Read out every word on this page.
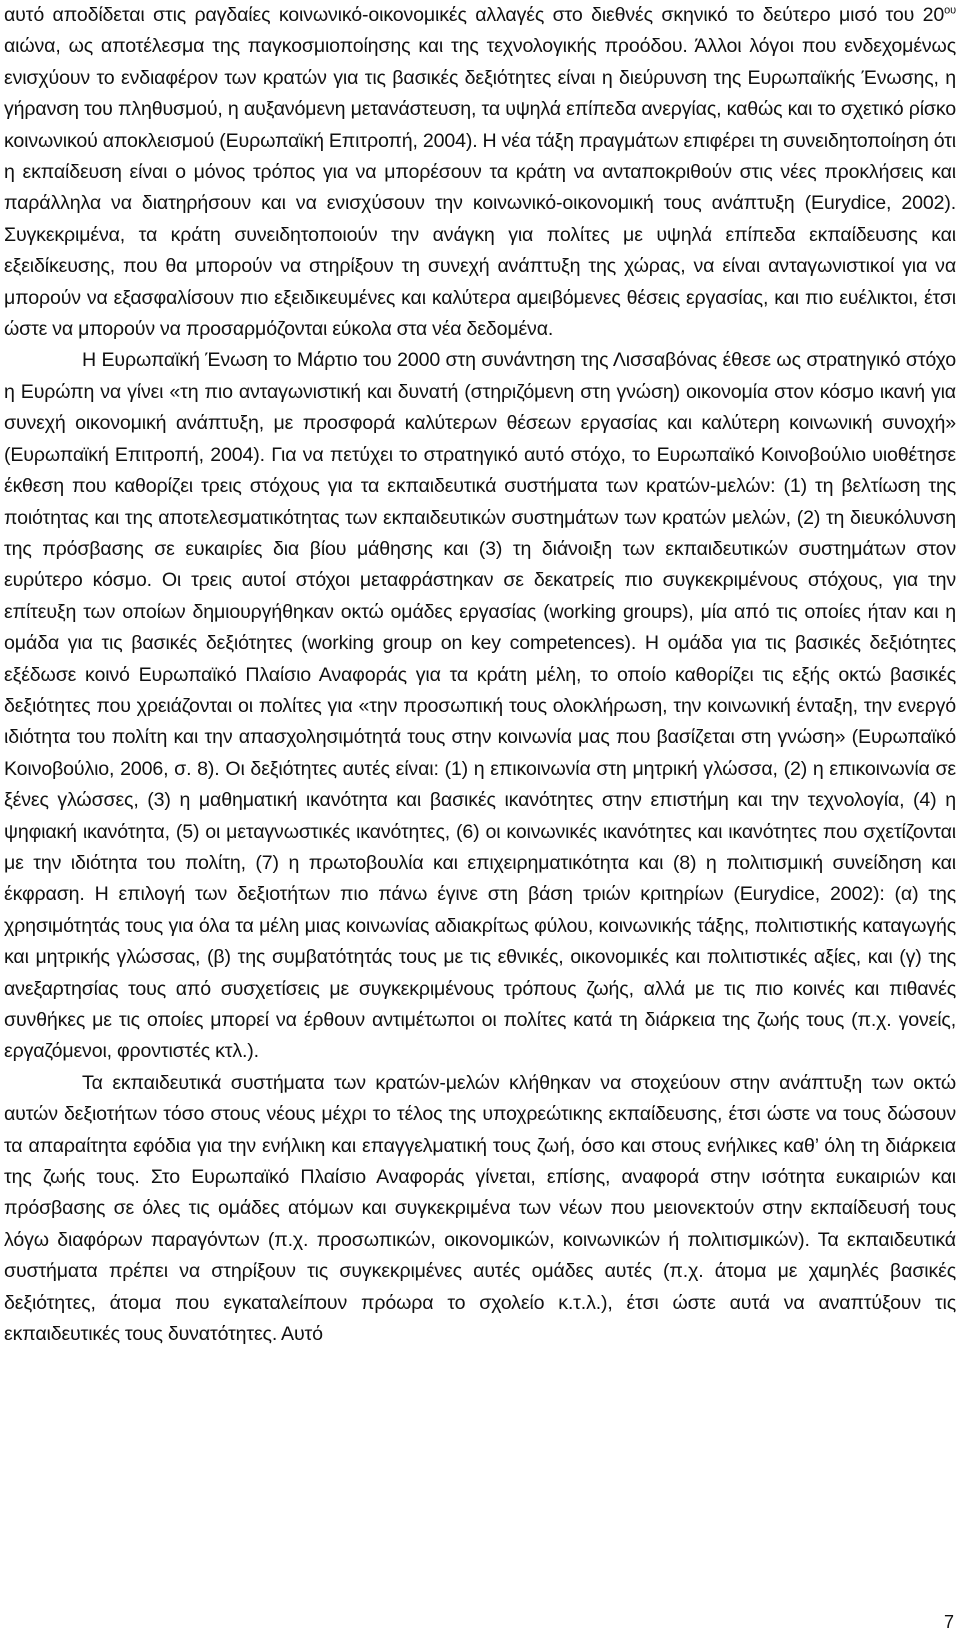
αυτό αποδίδεται στις ραγδαίες κοινωνικό-οικονομικές αλλαγές στο διεθνές σκηνικό το δεύτερο μισό του $20^{o\upsilon}$ αιώνα, ως αποτέλεσμα της παγκοσμιοποίησης και της τεχνολογικής προόδου. Άλλοι λόγοι που ενδεχομένως ενισχύουν το ενδιαφέρον των κρατών για τις βασικές δεξιότητες είναι η διεύρυνση της Ευρωπαϊκής Ένωσης, η γήρανση του πληθυσμού, η αυξανόμενη μετανάστευση, τα υψηλά επίπεδα ανεργίας, καθώς και το σχετικό ρίσκο κοινωνικού αποκλεισμού (Ευρωπαϊκή Επιτροπή, 2004). Η νέα τάξη πραγμάτων επιφέρει τη συνειδητοποίηση ότι η εκπαίδευση είναι ο μόνος τρόπος για να μπορέσουν τα κράτη να ανταποκριθούν στις νέες προκλήσεις και παράλληλα να διατηρήσουν και να ενισχύσουν την κοινωνικό-οικονομική τους ανάπτυξη (Eurydice, 2002). Συγκεκριμένα, τα κράτη συνειδητοποιούν την ανάγκη για πολίτες με υψηλά επίπεδα εκπαίδευσης και εξειδίκευσης, που θα μπορούν να στηρίξουν τη συνεχή ανάπτυξη της χώρας, να είναι ανταγωνιστικοί για να μπορούν να εξασφαλίσουν πιο εξειδικευμένες και καλύτερα αμειβόμενες θέσεις εργασίας, και πιο ευέλικτοι, έτσι ώστε να μπορούν να προσαρμόζονται εύκολα στα νέα δεδομένα.

Η Ευρωπαϊκή Ένωση το Μάρτιο του 2000 στη συνάντηση της Λισσαβόνας έθεσε ως στρατηγικό στόχο η Ευρώπη να γίνει «τη πιο ανταγωνιστική και δυνατή (στηριζόμενη στη γνώση) οικονομία στον κόσμο ικανή για συνεχή οικονομική ανάπτυξη, με προσφορά καλύτερων θέσεων εργασίας και καλύτερη κοινωνική συνοχή» (Ευρωπαϊκή Επιτροπή, 2004). Για να πετύχει το στρατηγικό αυτό στόχο, το Ευρωπαϊκό Κοινοβούλιο υιοθέτησε έκθεση που καθορίζει τρεις στόχους για τα εκπαιδευτικά συστήματα των κρατών-μελών: (1) τη βελτίωση της ποιότητας και της αποτελεσματικότητας των εκπαιδευτικών συστημάτων των κρατών μελών, (2) τη διευκόλυνση της πρόσβασης σε ευκαιρίες δια βίου μάθησης και (3) τη διάνοιξη των εκπαιδευτικών συστημάτων στον ευρύτερο κόσμο. Οι τρεις αυτοί στόχοι μεταφράστηκαν σε δεκατρείς πιο συγκεκριμένους στόχους, για την επίτευξη των οποίων δημιουργήθηκαν οκτώ ομάδες εργασίας (working groups), μία από τις οποίες ήταν και η ομάδα για τις βασικές δεξιότητες (working group on key competences). Η ομάδα για τις βασικές δεξιότητες εξέδωσε κοινό Ευρωπαϊκό Πλαίσιο Αναφοράς για τα κράτη μέλη, το οποίο καθορίζει τις εξής οκτώ βασικές δεξιότητες που χρειάζονται οι πολίτες για «την προσωπική τους ολοκλήρωση, την κοινωνική ένταξη, την ενεργό ιδιότητα του πολίτη και την απασχολησιμότητά τους στην κοινωνία μας που βασίζεται στη γνώση» (Ευρωπαϊκό Κοινοβούλιο, 2006, σ. 8). Οι δεξιότητες αυτές είναι: (1) η επικοινωνία στη μητρική γλώσσα, (2) η επικοινωνία σε ξένες γλώσσες, (3) η μαθηματική ικανότητα και βασικές ικανότητες στην επιστήμη και την τεχνολογία, (4) η ψηφιακή ικανότητα, (5) οι μεταγνωστικές ικανότητες, (6) οι κοινωνικές ικανότητες και ικανότητες που σχετίζονται με την ιδιότητα του πολίτη, (7) η πρωτοβουλία και επιχειρηματικότητα και (8) η πολιτισμική συνείδηση και έκφραση. Η επιλογή των δεξιοτήτων πιο πάνω έγινε στη βάση τριών κριτηρίων (Eurydice, 2002): (α) της χρησιμότητάς τους για όλα τα μέλη μιας κοινωνίας αδιακρίτως φύλου, κοινωνικής τάξης, πολιτιστικής καταγωγής και μητρικής γλώσσας, (β) της συμβατότητάς τους με τις εθνικές, οικονομικές και πολιτιστικές αξίες, και (γ) της ανεξαρτησίας τους από συσχετίσεις με συγκεκριμένους τρόπους ζωής, αλλά με τις πιο κοινές και πιθανές συνθήκες με τις οποίες μπορεί να έρθουν αντιμέτωποι οι πολίτες κατά τη διάρκεια της ζωής τους (π.χ. γονείς, εργαζόμενοι, φροντιστές κτλ.).

Τα εκπαιδευτικά συστήματα των κρατών-μελών κλήθηκαν να στοχεύουν στην ανάπτυξη των οκτώ αυτών δεξιοτήτων τόσο στους νέους μέχρι το τέλος της υποχρεώτικης εκπαίδευσης, έτσι ώστε να τους δώσουν τα απαραίτητα εφόδια για την ενήλικη και επαγγελματική τους ζωή, όσο και στους ενήλικες καθ’ όλη τη διάρκεια της ζωής τους. Στο Ευρωπαϊκό Πλαίσιο Αναφοράς γίνεται, επίσης, αναφορά στην ισότητα ευκαιριών και πρόσβασης σε όλες τις ομάδες ατόμων και συγκεκριμένα των νέων που μειονεκτούν στην εκπαίδευσή τους λόγω διαφόρων παραγόντων (π.χ. προσωπικών, οικονομικών, κοινωνικών ή πολιτισμικών). Τα εκπαιδευτικά συστήματα πρέπει να στηρίξουν τις συγκεκριμένες αυτές ομάδες αυτές (π.χ. άτομα με χαμηλές βασικές δεξιότητες, άτομα που εγκαταλείπουν πρόωρα το σχολείο κ.τ.λ.), έτσι ώστε αυτά να αναπτύξουν τις εκπαιδευτικές τους δυνατότητες. Αυτό

7
